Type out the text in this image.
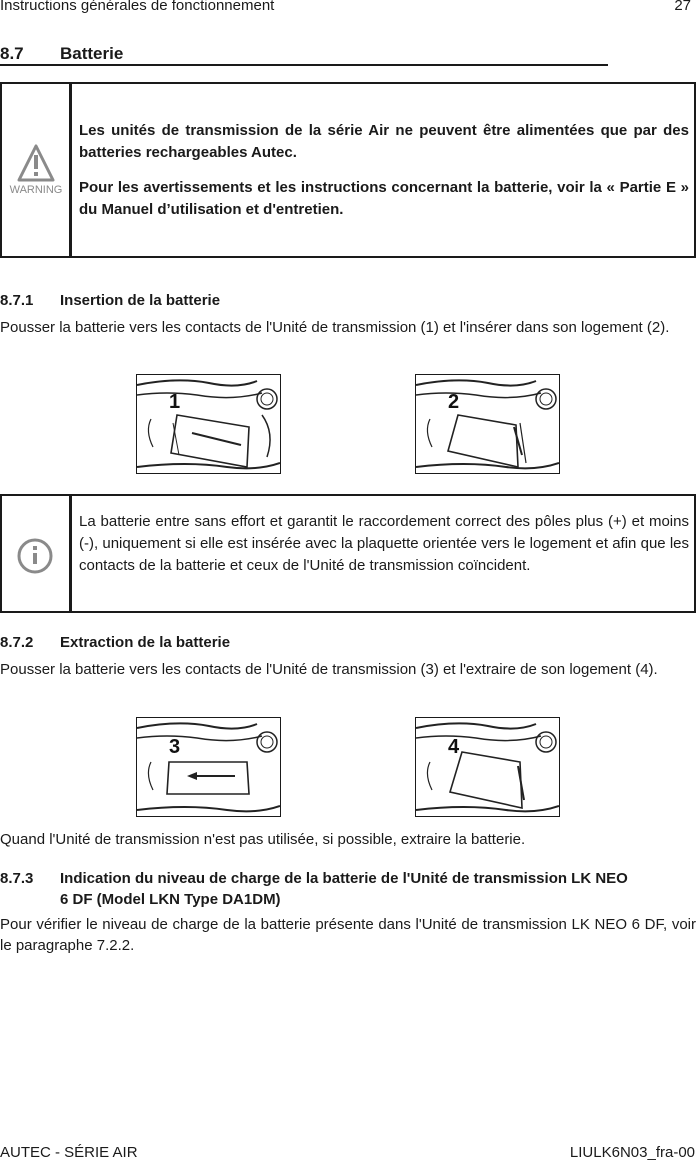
Instructions générales de fonctionnement	27
8.7 Batterie
WARNING
Les unités de transmission de la série Air ne peuvent être alimentées que par des batteries rechargeables Autec.
Pour les avertissements et les instructions concernant la batterie, voir la « Partie E » du Manuel d’utilisation et d'entretien.
8.7.1 Insertion de la batterie
Pousser la batterie vers les contacts de l'Unité de transmission (1) et l'insérer dans son logement (2).
1	2
La batterie entre sans effort et garantit le raccordement correct des pôles plus (+) et moins (-), uniquement si elle est insérée avec la plaquette orientée vers le logement et afin que les contacts de la batterie et ceux de l'Unité de transmission coïncident.
8.7.2 Extraction de la batterie
Pousser la batterie vers les contacts de l'Unité de transmission (3) et l'extraire de son logement (4).
3	4
Quand l'Unité de transmission n'est pas utilisée, si possible, extraire la batterie.
8.7.3 Indication du niveau de charge de la batterie de l'Unité de transmission LK NEO
6 DF (Model LKN Type DA1DM)
Pour vérifier le niveau de charge de la batterie présente dans l'Unité de transmission LK NEO 6 DF, voir le paragraphe 7.2.2.
AUTEC - SÉRIE AIR	LIULK6N03_fra-00
